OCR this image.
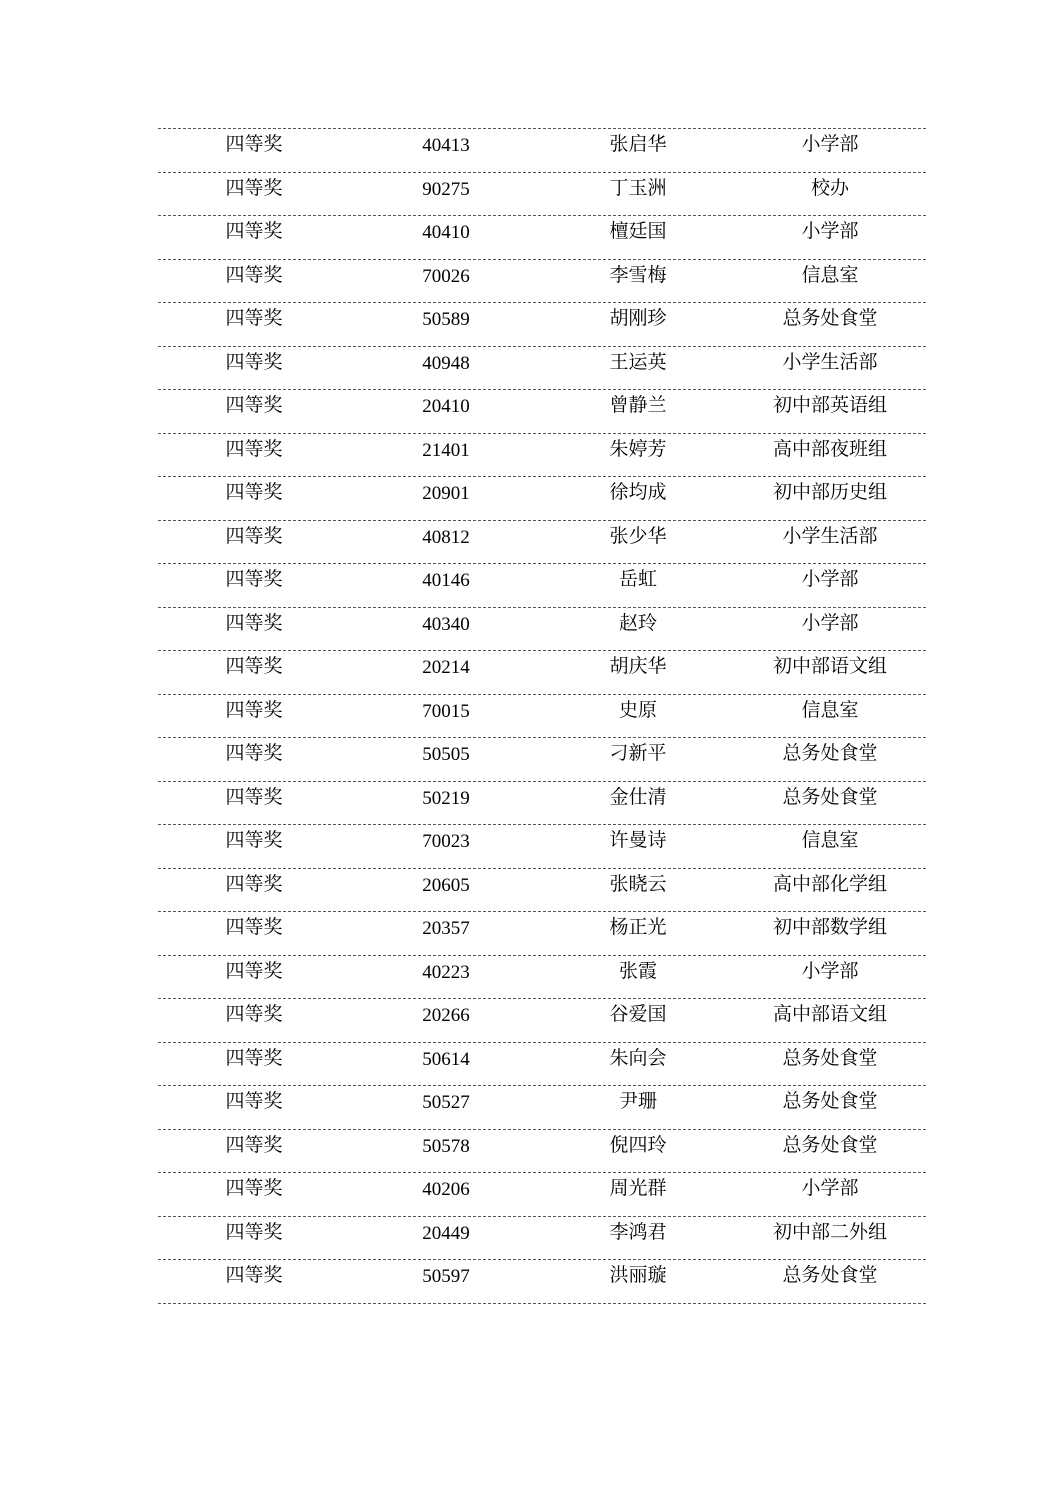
四等奖	40413	张启华	小学部
四等奖	90275	丁玉洲	校办
四等奖	40410	檀廷国	小学部
四等奖	70026	李雪梅	信息室
四等奖	50589	胡刚珍	总务处食堂
四等奖	40948	王运英	小学生活部
四等奖	20410	曾静兰	初中部英语组
四等奖	21401	朱婷芳	高中部夜班组
四等奖	20901	徐均成	初中部历史组
四等奖	40812	张少华	小学生活部
四等奖	40146	岳虹	小学部
四等奖	40340	赵玲	小学部
四等奖	20214	胡庆华	初中部语文组
四等奖	70015	史原	信息室
四等奖	50505	刁新平	总务处食堂
四等奖	50219	金仕清	总务处食堂
四等奖	70023	许曼诗	信息室
四等奖	20605	张晓云	高中部化学组
四等奖	20357	杨正光	初中部数学组
四等奖	40223	张霞	小学部
四等奖	20266	谷爱国	高中部语文组
四等奖	50614	朱向会	总务处食堂
四等奖	50527	尹珊	总务处食堂
四等奖	50578	倪四玲	总务处食堂
四等奖	40206	周光群	小学部
四等奖	20449	李鸿君	初中部二外组
四等奖	50597	洪丽璇	总务处食堂
